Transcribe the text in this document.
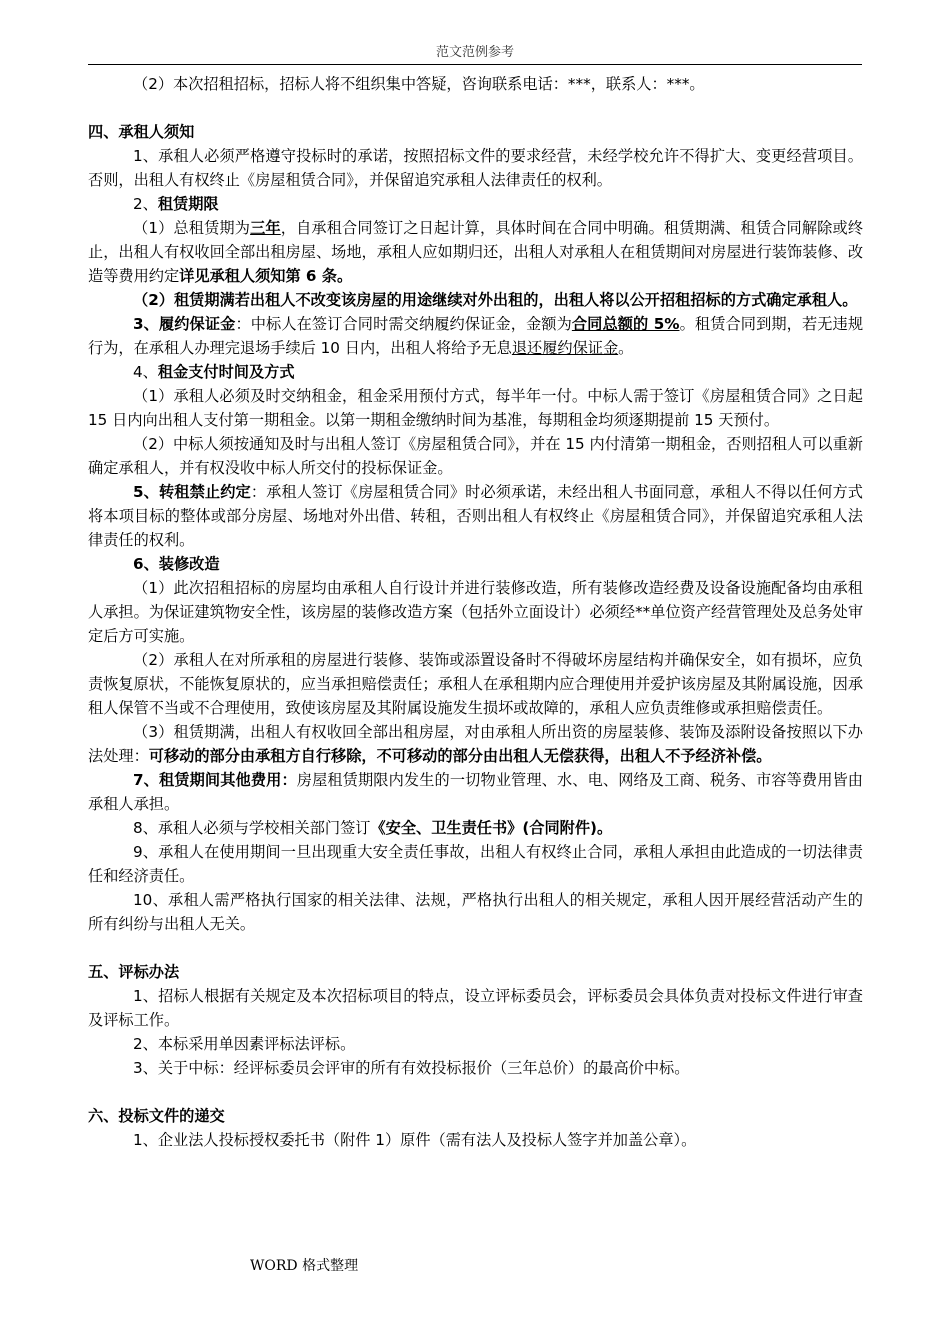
范文范例参考

（2）本次招租招标，招标人将不组织集中答疑，咨询联系电话：***，联系人：***。

四、承租人须知

1、承租人必须严格遵守投标时的承诺，按照招标文件的要求经营，未经学校允许不得扩大、变更经营项目。否则，出租人有权终止《房屋租赁合同》，并保留追究承租人法律责任的权利。

2、租赁期限

（1）总租赁期为三年，自承租合同签订之日起计算，具体时间在合同中明确。租赁期满、租赁合同解除或终止，出租人有权收回全部出租房屋、场地，承租人应如期归还，出租人对承租人在租赁期间对房屋进行装饰装修、改造等费用约定详见承租人须知第 6 条。

（2）租赁期满若出租人不改变该房屋的用途继续对外出租的，出租人将以公开招租招标的方式确定承租人。

3、履约保证金：中标人在签订合同时需交纳履约保证金，金额为合同总额的 5%。租赁合同到期，若无违规行为，在承租人办理完退场手续后 10 日内，出租人将给予无息退还履约保证金。

4、租金支付时间及方式

（1）承租人必须及时交纳租金，租金采用预付方式，每半年一付。中标人需于签订《房屋租赁合同》之日起 15 日内向出租人支付第一期租金。以第一期租金缴纳时间为基准，每期租金均须逐期提前 15 天预付。

（2）中标人须按通知及时与出租人签订《房屋租赁合同》，并在 15 内付清第一期租金，否则招租人可以重新确定承租人，并有权没收中标人所交付的投标保证金。

5、转租禁止约定：承租人签订《房屋租赁合同》时必须承诺，未经出租人书面同意，承租人不得以任何方式将本项目标的整体或部分房屋、场地对外出借、转租，否则出租人有权终止《房屋租赁合同》，并保留追究承租人法律责任的权利。

6、装修改造

（1）此次招租招标的房屋均由承租人自行设计并进行装修改造，所有装修改造经费及设备设施配备均由承租人承担。为保证建筑物安全性，该房屋的装修改造方案（包括外立面设计）必须经**单位资产经营管理处及总务处审定后方可实施。

（2）承租人在对所承租的房屋进行装修、装饰或添置设备时不得破坏房屋结构并确保安全，如有损坏，应负责恢复原状，不能恢复原状的，应当承担赔偿责任；承租人在承租期内应合理使用并爱护该房屋及其附属设施，因承租人保管不当或不合理使用，致使该房屋及其附属设施发生损坏或故障的，承租人应负责维修或承担赔偿责任。

（3）租赁期满，出租人有权收回全部出租房屋，对由承租人所出资的房屋装修、装饰及添附设备按照以下办法处理：可移动的部分由承租方自行移除，不可移动的部分由出租人无偿获得，出租人不予经济补偿。

7、租赁期间其他费用：房屋租赁期限内发生的一切物业管理、水、电、网络及工商、税务、市容等费用皆由承租人承担。

8、承租人必须与学校相关部门签订《安全、卫生责任书》(合同附件)。

9、承租人在使用期间一旦出现重大安全责任事故，出租人有权终止合同，承租人承担由此造成的一切法律责任和经济责任。

10、承租人需严格执行国家的相关法律、法规，严格执行出租人的相关规定，承租人因开展经营活动产生的所有纠纷与出租人无关。

五、评标办法

1、招标人根据有关规定及本次招标项目的特点，设立评标委员会，评标委员会具体负责对投标文件进行审查及评标工作。

2、本标采用单因素评标法评标。

3、关于中标：经评标委员会评审的所有有效投标报价（三年总价）的最高价中标。

六、投标文件的递交

1、企业法人投标授权委托书（附件 1）原件（需有法人及投标人签字并加盖公章）。

WORD 格式整理
